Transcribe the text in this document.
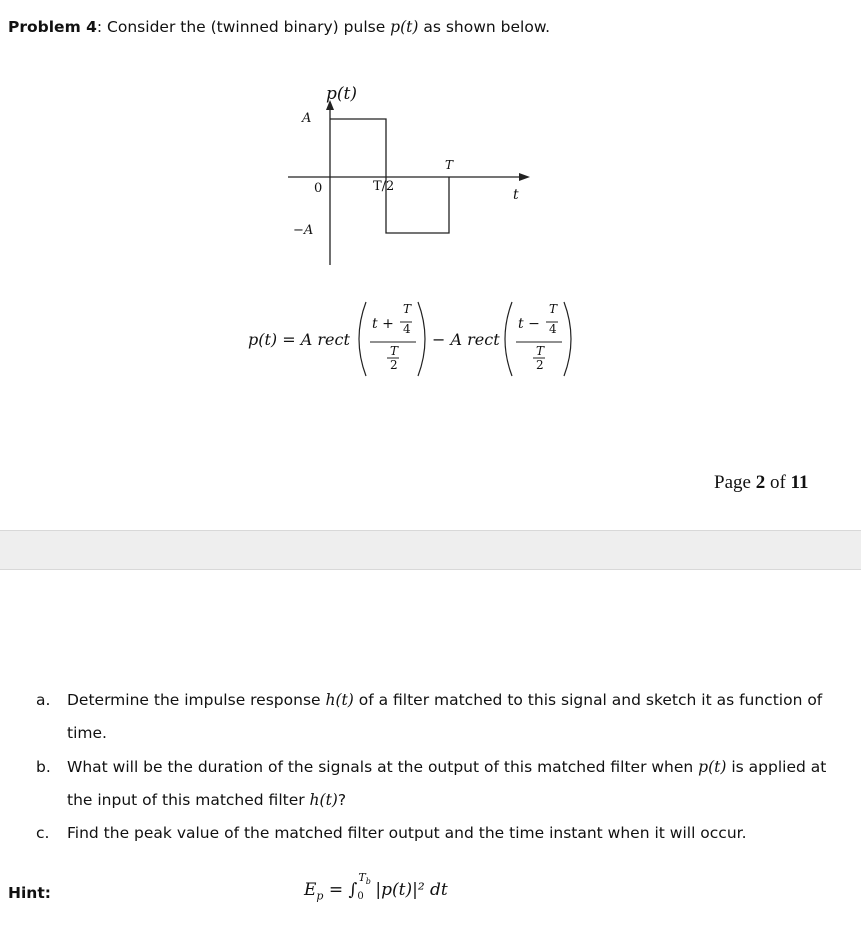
Problem 4: Consider the (twinned binary) pulse p(t) as shown below.
p(t)
A
−A
0	T/2
T
t
p(t) = A rect
t +
T
4
T
2
− A rect
t −
T
4
T
2
Page 2 of 11
a. Determine the impulse response h(t) of a filter matched to this signal and sketch it as function of time.
b. What will be the duration of the signals at the output of this matched filter when p(t) is applied at the input of this matched filter h(t)?
c. Find the peak value of the matched filter output and the time instant when it will occur.
Hint:	$E_p$ = ∫
$T_b$
0 |p(t)|² dt
